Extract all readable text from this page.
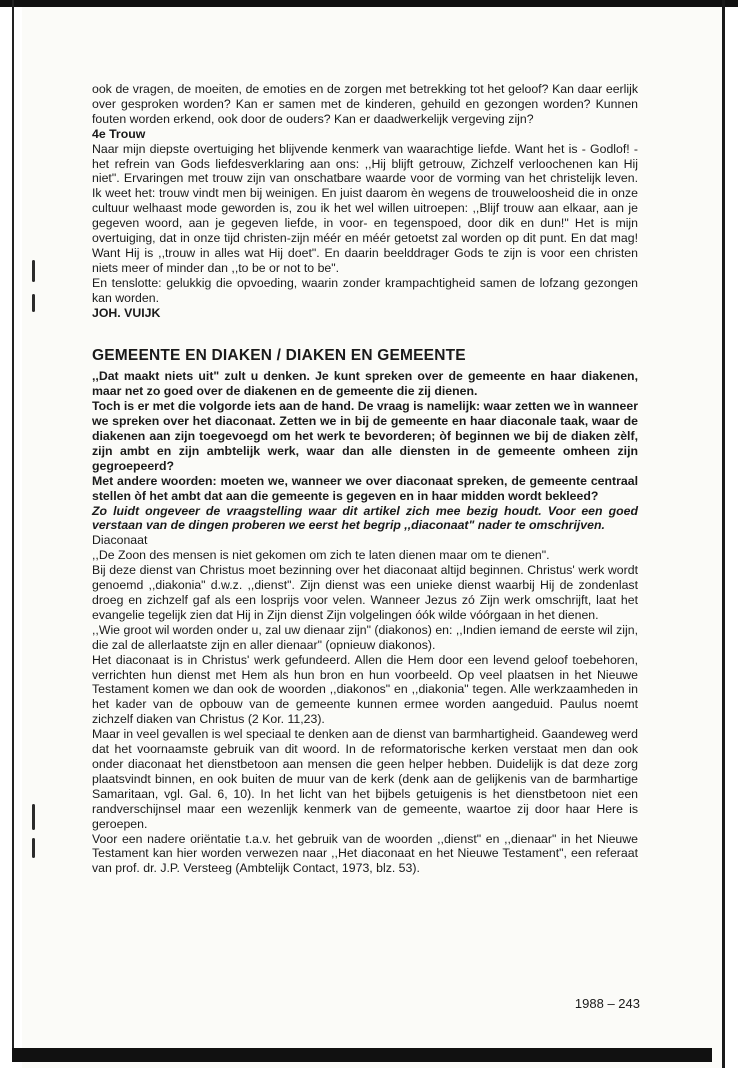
ook de vragen, de moeiten, de emoties en de zorgen met betrekking tot het geloof? Kan daar eerlijk over gesproken worden? Kan er samen met de kinderen, gehuild en gezongen worden? Kunnen fouten worden erkend, ook door de ouders? Kan er daadwerkelijk vergeving zijn?

4e Trouw

Naar mijn diepste overtuiging het blijvende kenmerk van waarachtige liefde. Want het is - Godlof! - het refrein van Gods liefdesverklaring aan ons: ,,Hij blijft getrouw, Zichzelf verloochenen kan Hij niet". Ervaringen met trouw zijn van onschatbare waarde voor de vorming van het christelijk leven. Ik weet het: trouw vindt men bij weinigen. En juist daarom èn wegens de trouweloosheid die in onze cultuur welhaast mode geworden is, zou ik het wel willen uitroepen: ,,Blijf trouw aan elkaar, aan je gegeven woord, aan je gegeven liefde, in voor- en tegenspoed, door dik en dun!" Het is mijn overtuiging, dat in onze tijd christen-zijn méér en méér getoetst zal worden op dit punt. En dat mag! Want Hij is ,,trouw in alles wat Hij doet". En daarin beelddrager Gods te zijn is voor een christen niets meer of minder dan ,,to be or not to be".

En tenslotte: gelukkig die opvoeding, waarin zonder krampachtigheid samen de lofzang gezongen kan worden.

JOH. VUIJK

GEMEENTE EN DIAKEN / DIAKEN EN GEMEENTE

,,Dat maakt niets uit" zult u denken. Je kunt spreken over de gemeente en haar diakenen, maar net zo goed over de diakenen en de gemeente die zij dienen.

Toch is er met die volgorde iets aan de hand. De vraag is namelijk: waar zetten we ìn wanneer we spreken over het diaconaat. Zetten we in bij de gemeente en haar diaconale taak, waar de diakenen aan zijn toegevoegd om het werk te bevorderen; òf beginnen we bij de diaken zèlf, zijn ambt en zijn ambtelijk werk, waar dan alle diensten in de gemeente omheen zijn gegroepeerd?

Met andere woorden: moeten we, wanneer we over diaconaat spreken, de gemeente centraal stellen òf het ambt dat aan die gemeente is gegeven en in haar midden wordt bekleed?

Zo luidt ongeveer de vraagstelling waar dit artikel zich mee bezig houdt. Voor een goed verstaan van de dingen proberen we eerst het begrip ,,diaconaat" nader te omschrijven.

Diaconaat

,,De Zoon des mensen is niet gekomen om zich te laten dienen maar om te dienen".

Bij deze dienst van Christus moet bezinning over het diaconaat altijd beginnen. Christus' werk wordt genoemd ,,diakonia" d.w.z. ,,dienst". Zijn dienst was een unieke dienst waarbij Hij de zondenlast droeg en zichzelf gaf als een losprijs voor velen. Wanneer Jezus zó Zijn werk omschrijft, laat het evangelie tegelijk zien dat Hij in Zijn dienst Zijn volgelingen óók wilde vóórgaan in het dienen.

,,Wie groot wil worden onder u, zal uw dienaar zijn" (diakonos) en: ,,Indien iemand de eerste wil zijn, die zal de allerlaatste zijn en aller dienaar" (opnieuw diakonos).

Het diaconaat is in Christus' werk gefundeerd. Allen die Hem door een levend geloof toebehoren, verrichten hun dienst met Hem als hun bron en hun voorbeeld. Op veel plaatsen in het Nieuwe Testament komen we dan ook de woorden ,,diakonos" en ,,diakonia" tegen. Alle werkzaamheden in het kader van de opbouw van de gemeente kunnen ermee worden aangeduid. Paulus noemt zichzelf diaken van Christus (2 Kor. 11,23).

Maar in veel gevallen is wel speciaal te denken aan de dienst van barmhartigheid. Gaandeweg werd dat het voornaamste gebruik van dit woord. In de reformatorische kerken verstaat men dan ook onder diaconaat het dienstbetoon aan mensen die geen helper hebben. Duidelijk is dat deze zorg plaatsvindt binnen, en ook buiten de muur van de kerk (denk aan de gelijkenis van de barmhartige Samaritaan, vgl. Gal. 6, 10). In het licht van het bijbels getuigenis is het dienstbetoon niet een randverschijnsel maar een wezenlijk kenmerk van de gemeente, waartoe zij door haar Here is geroepen.

Voor een nadere oriëntatie t.a.v. het gebruik van de woorden ,,dienst" en ,,dienaar" in het Nieuwe Testament kan hier worden verwezen naar ,,Het diaconaat en het Nieuwe Testament", een referaat van prof. dr. J.P. Versteeg (Ambtelijk Contact, 1973, blz. 53).

1988 – 243
